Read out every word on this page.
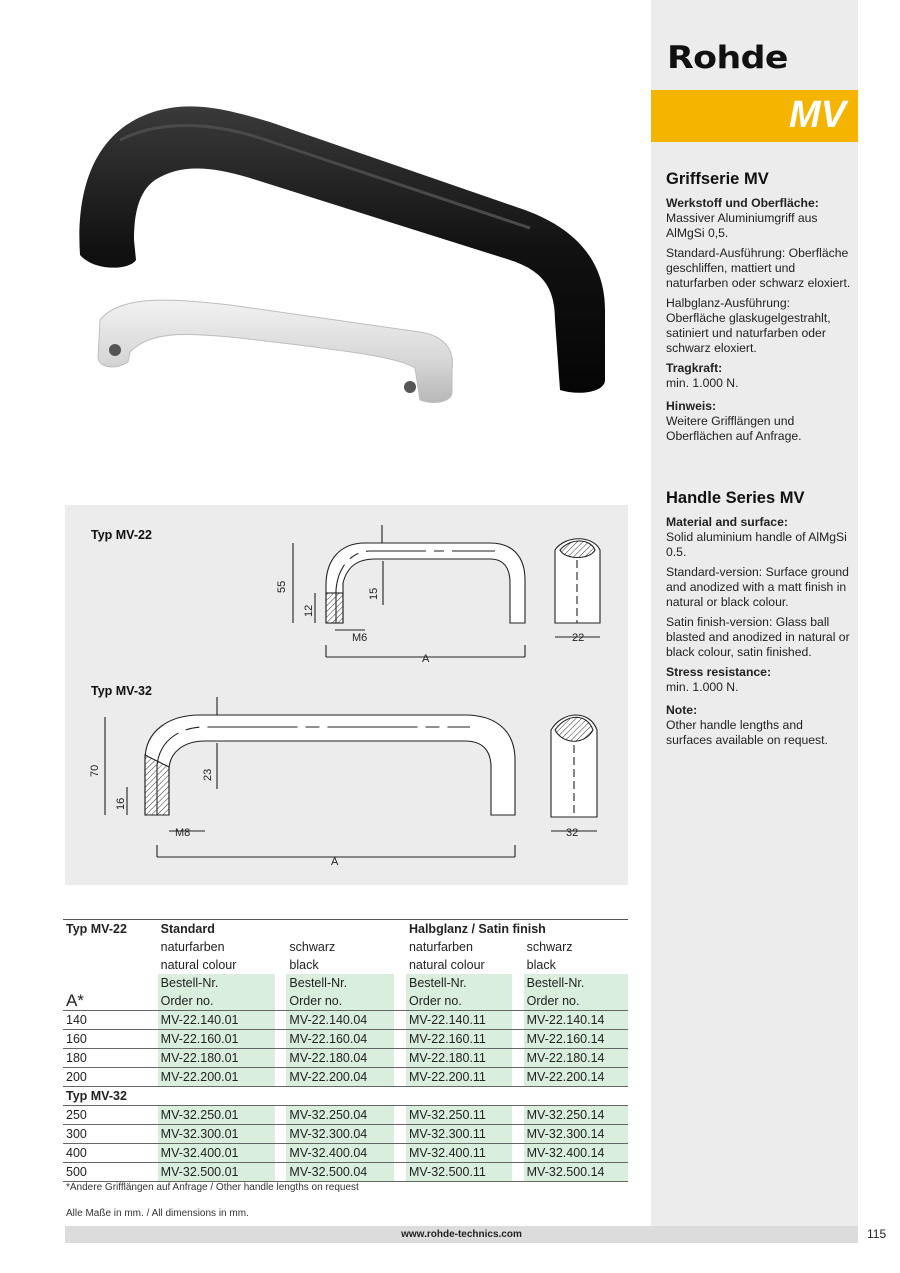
Rohde
MV
Griffserie MV

Werkstoff und Oberfläche:
Massiver Aluminiumgriff aus AlMgSi 0,5.

Standard-Ausführung: Oberfläche geschliffen, mattiert und naturfarben oder schwarz eloxiert.

Halbglanz-Ausführung: Oberfläche glaskugelgestrahlt, satiniert und naturfarben oder schwarz eloxiert.

Tragkraft:
min. 1.000 N.

Hinweis:
Weitere Grifflängen und Oberflächen auf Anfrage.

Handle Series MV

Material and surface:
Solid aluminium handle of AlMgSi 0.5.

Standard-version: Surface ground and anodized with a matt finish in natural or black colour.

Satin finish-version: Glass ball blasted and anodized in natural or black colour, satin finished.

Stress resistance:
min. 1.000 N.

Note:
Other handle lengths and surfaces available on request.

Typ MV-22
Typ MV-32
55
12
15
M6
A
22
70
16
23
M8
A
32
Typ MV-22	Standard				Halbglanz / Satin finish		
	naturfarben		schwarz		naturfarben		schwarz
	natural colour		black		natural colour		black
	Bestell-Nr.		Bestell-Nr.		Bestell-Nr.		Bestell-Nr.
A*	Order no.		Order no.		Order no.		Order no.
140	MV-22.140.01		MV-22.140.04		MV-22.140.11		MV-22.140.14
160	MV-22.160.01		MV-22.160.04		MV-22.160.11		MV-22.160.14
180	MV-22.180.01		MV-22.180.04		MV-22.180.11		MV-22.180.14
200	MV-22.200.01		MV-22.200.04		MV-22.200.11		MV-22.200.14
Typ MV-32							
250	MV-32.250.01		MV-32.250.04		MV-32.250.11		MV-32.250.14
300	MV-32.300.01		MV-32.300.04		MV-32.300.11		MV-32.300.14
400	MV-32.400.01		MV-32.400.04		MV-32.400.11		MV-32.400.14
500	MV-32.500.01		MV-32.500.04		MV-32.500.11		MV-32.500.14
*Andere Grifflängen auf Anfrage / Other handle lengths on request
Alle Maße in mm. / All dimensions in mm.
www.rohde-technics.com	115
